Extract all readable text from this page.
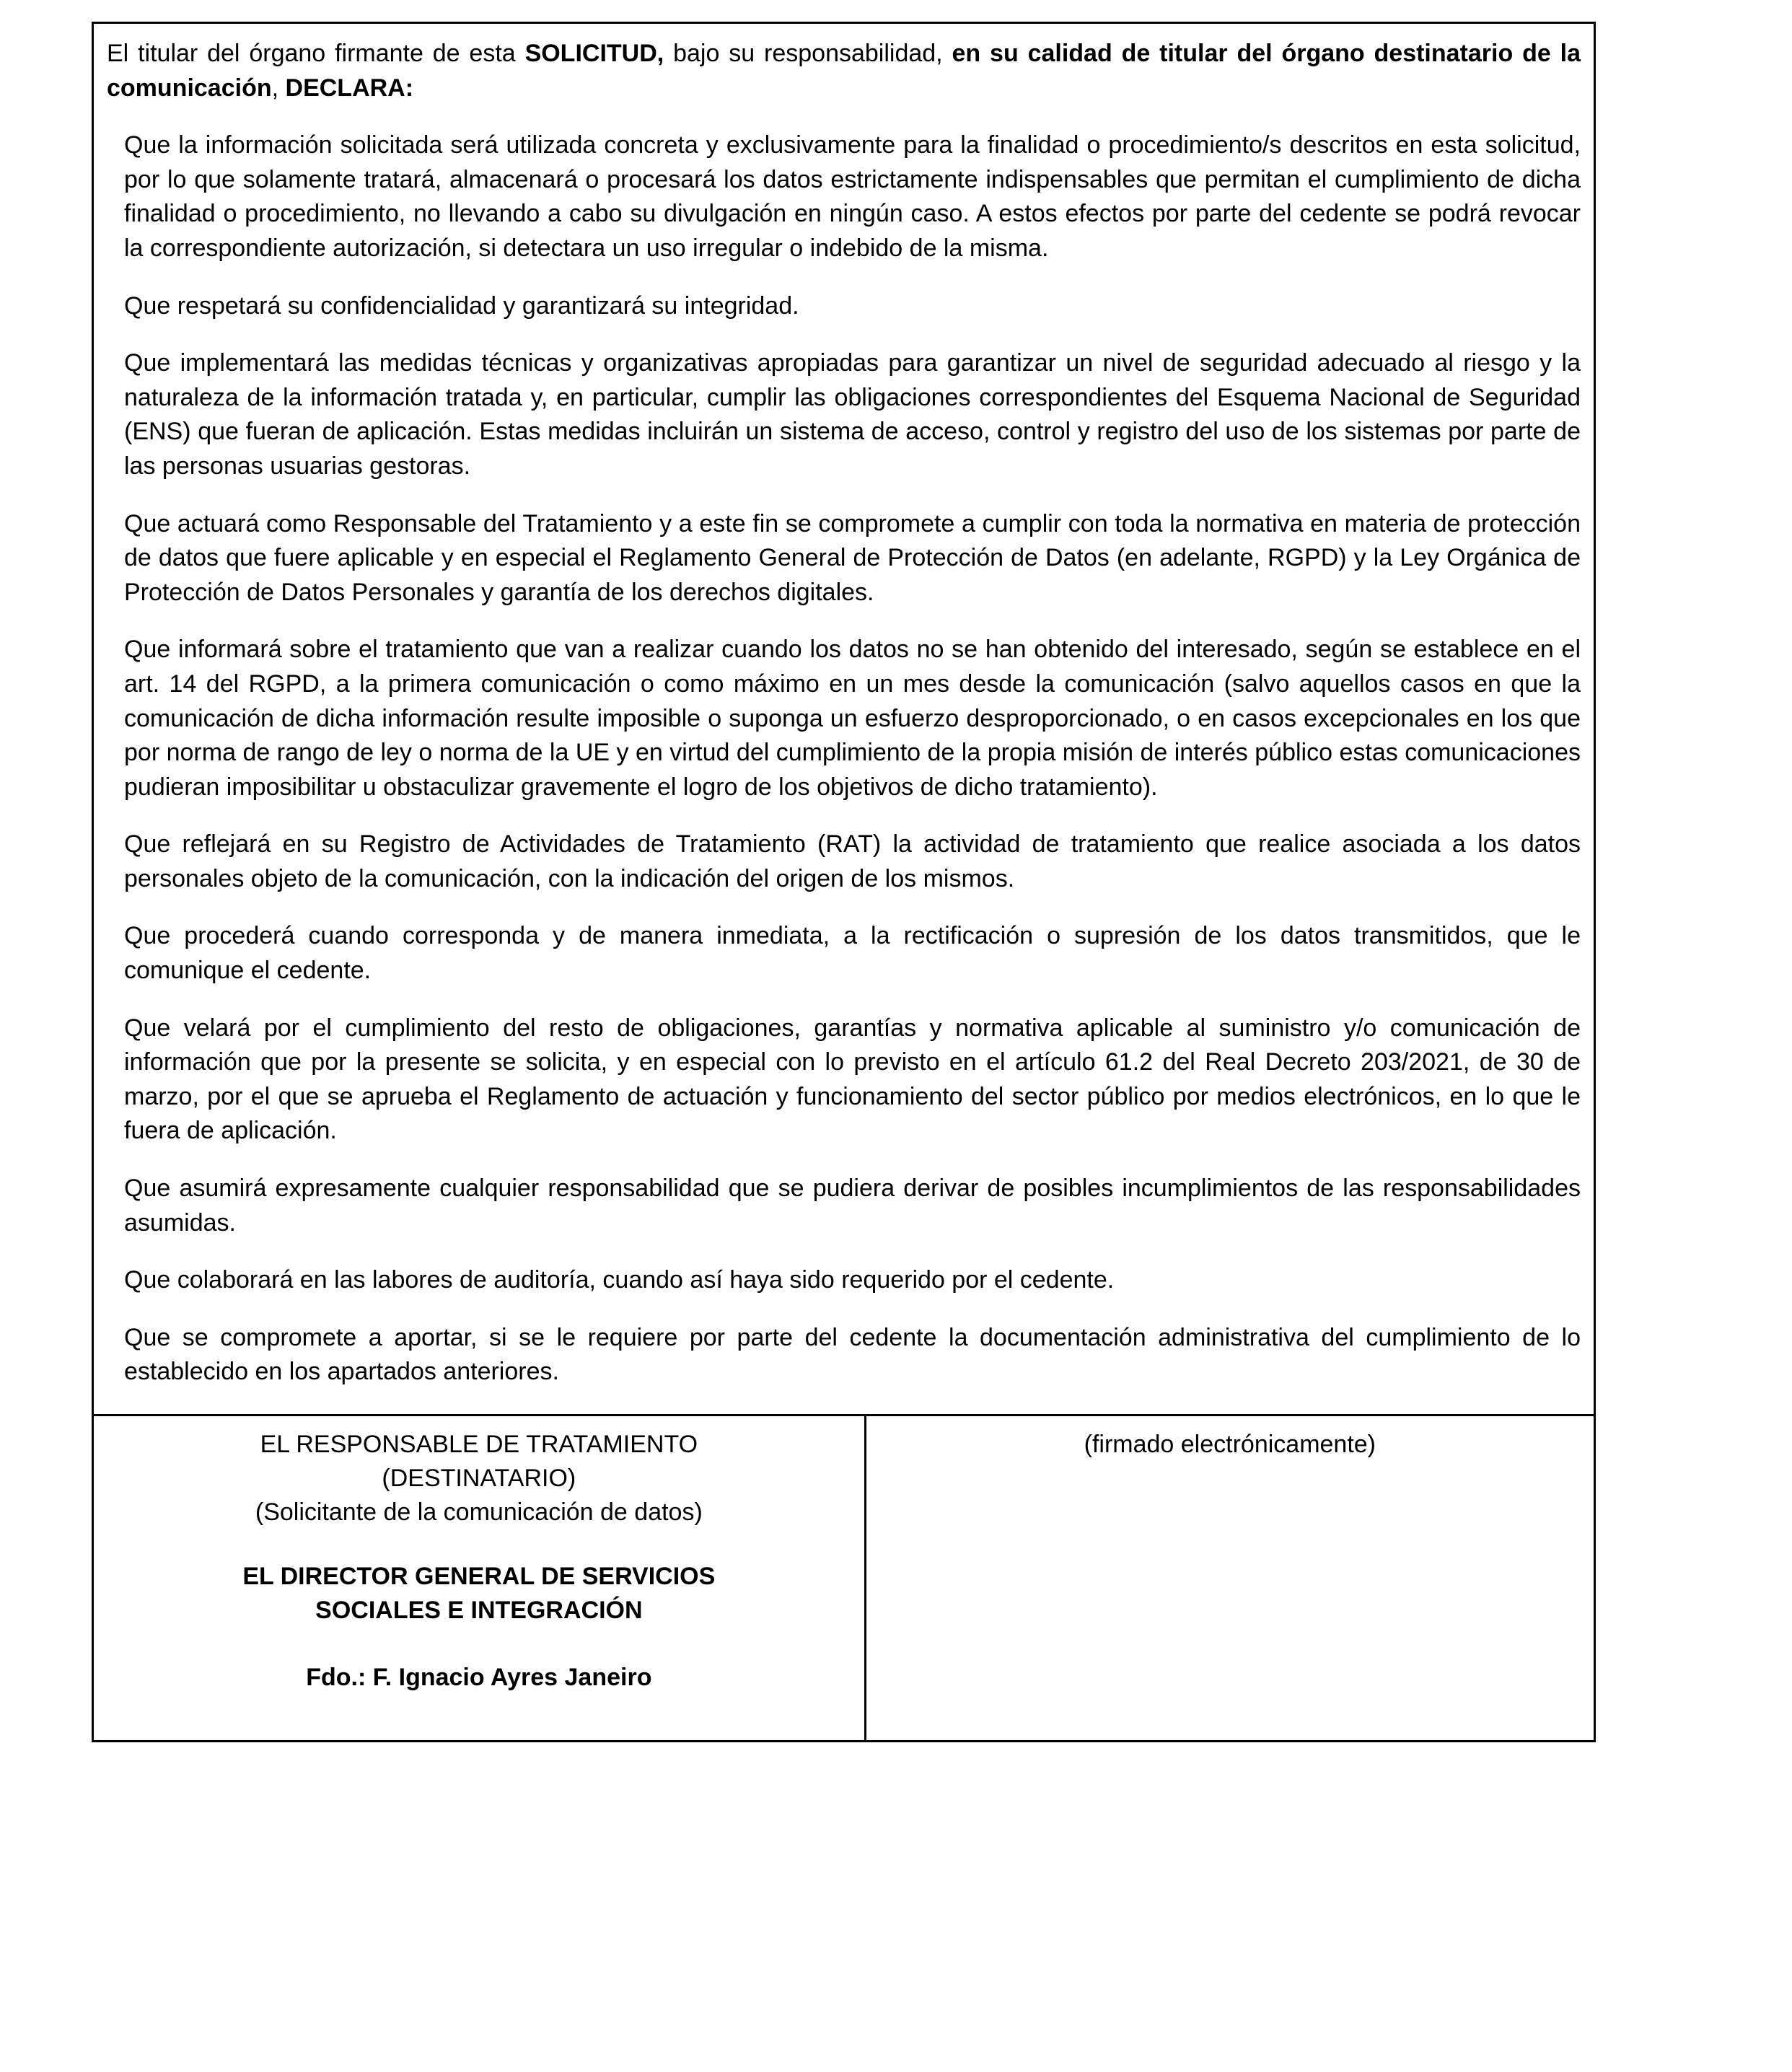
El titular del órgano firmante de esta SOLICITUD, bajo su responsabilidad, en su calidad de titular del órgano destinatario de la comunicación, DECLARA:

Que la información solicitada será utilizada concreta y exclusivamente para la finalidad o procedimiento/s descritos en esta solicitud, por lo que solamente tratará, almacenará o procesará los datos estrictamente indispensables que permitan el cumplimiento de dicha finalidad o procedimiento, no llevando a cabo su divulgación en ningún caso. A estos efectos por parte del cedente se podrá revocar la correspondiente autorización, si detectara un uso irregular o indebido de la misma.

Que respetará su confidencialidad y garantizará su integridad.

Que implementará las medidas técnicas y organizativas apropiadas para garantizar un nivel de seguridad adecuado al riesgo y la naturaleza de la información tratada y, en particular, cumplir las obligaciones correspondientes del Esquema Nacional de Seguridad (ENS) que fueran de aplicación. Estas medidas incluirán un sistema de acceso, control y registro del uso de los sistemas por parte de las personas usuarias gestoras.

Que actuará como Responsable del Tratamiento y a este fin se compromete a cumplir con toda la normativa en materia de protección de datos que fuere aplicable y en especial el Reglamento General de Protección de Datos (en adelante, RGPD) y la Ley Orgánica de Protección de Datos Personales y garantía de los derechos digitales.

Que informará sobre el tratamiento que van a realizar cuando los datos no se han obtenido del interesado, según se establece en el art. 14 del RGPD, a la primera comunicación o como máximo en un mes desde la comunicación (salvo aquellos casos en que la comunicación de dicha información resulte imposible o suponga un esfuerzo desproporcionado, o en casos excepcionales en los que por norma de rango de ley o norma de la UE y en virtud del cumplimiento de la propia misión de interés público estas comunicaciones pudieran imposibilitar u obstaculizar gravemente el logro de los objetivos de dicho tratamiento).

Que reflejará en su Registro de Actividades de Tratamiento (RAT) la actividad de tratamiento que realice asociada a los datos personales objeto de la comunicación, con la indicación del origen de los mismos.

Que procederá cuando corresponda y de manera inmediata, a la rectificación o supresión de los datos transmitidos, que le comunique el cedente.

Que velará por el cumplimiento del resto de obligaciones, garantías y normativa aplicable al suministro y/o comunicación de información que por la presente se solicita, y en especial con lo previsto en el artículo 61.2 del Real Decreto 203/2021, de 30 de marzo, por el que se aprueba el Reglamento de actuación y funcionamiento del sector público por medios electrónicos, en lo que le fuera de aplicación.

Que asumirá expresamente cualquier responsabilidad que se pudiera derivar de posibles incumplimientos de las responsabilidades asumidas.

Que colaborará en las labores de auditoría, cuando así haya sido requerido por el cedente.

Que se compromete a aportar, si se le requiere por parte del cedente la documentación administrativa del cumplimiento de lo establecido en los apartados anteriores.

EL RESPONSABLE DE TRATAMIENTO
(DESTINATARIO)
(Solicitante de la comunicación de datos)
EL DIRECTOR GENERAL DE SERVICIOS SOCIALES E INTEGRACIÓN
Fdo.: F. Ignacio Ayres Janeiro
(firmado electrónicamente)
